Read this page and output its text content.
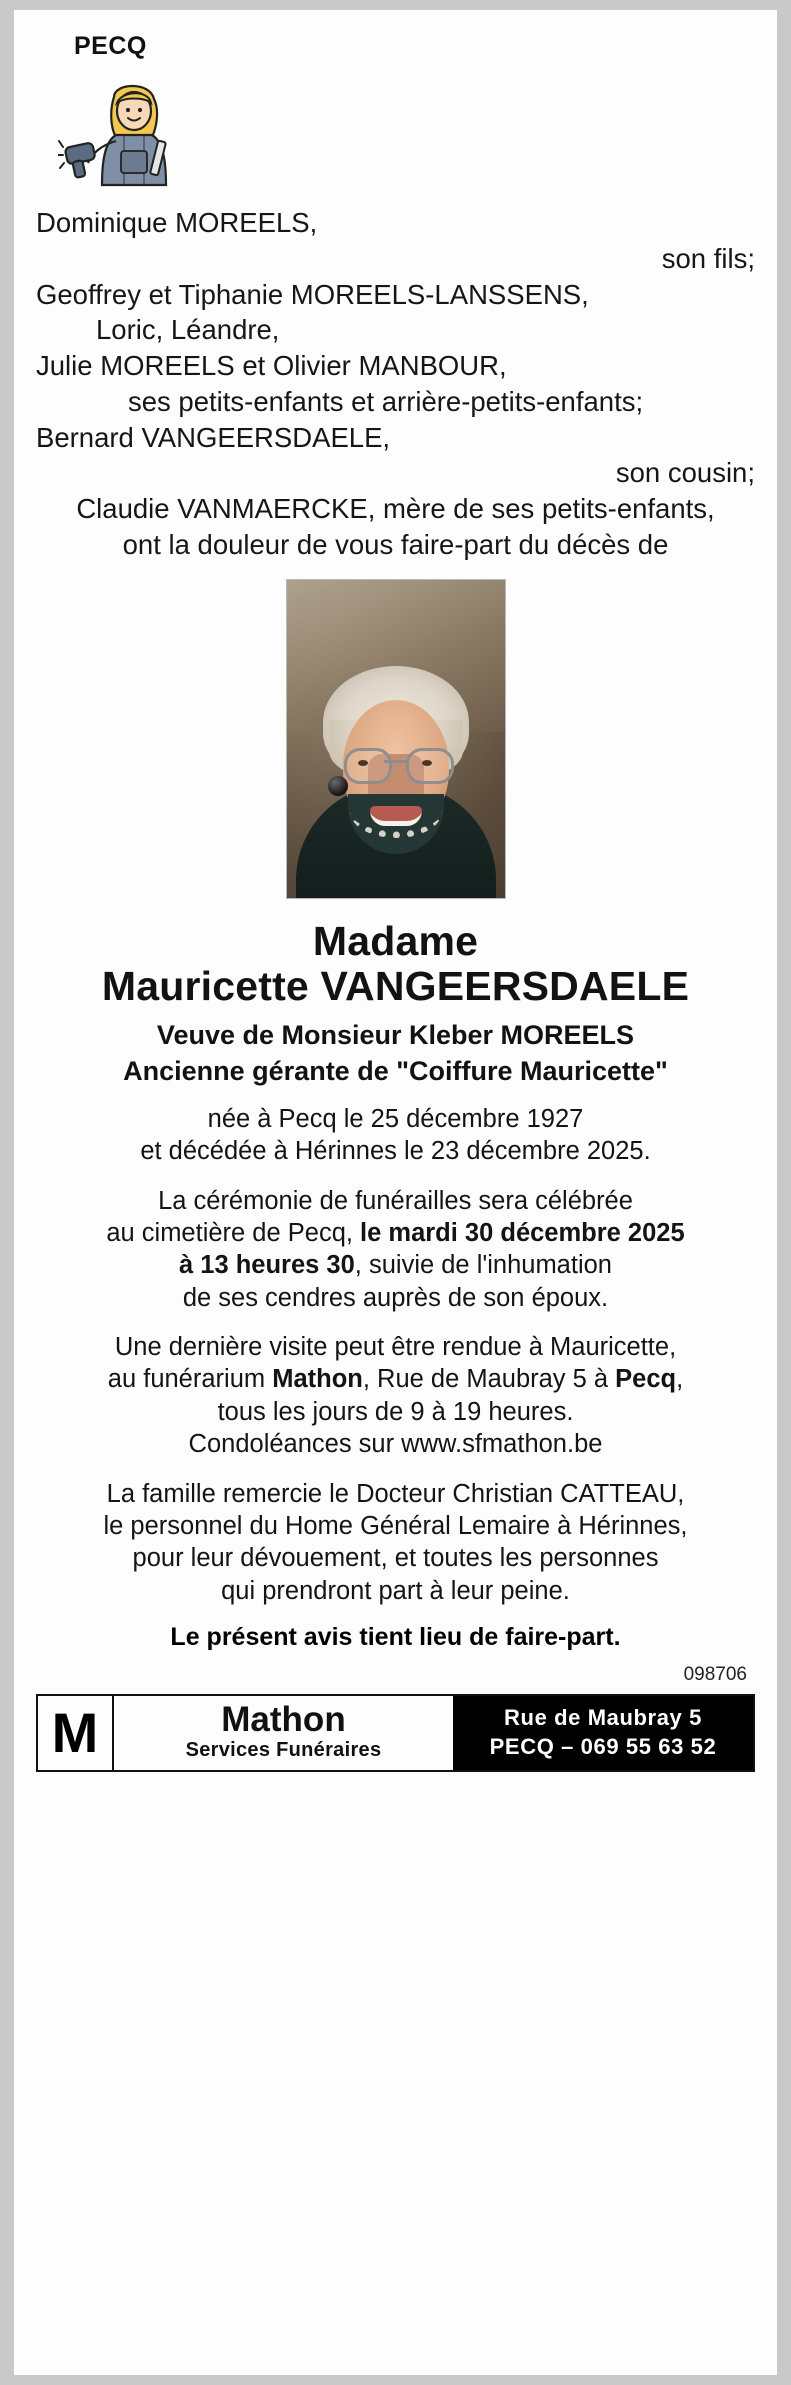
PECQ
Dominique MOREELS,
son fils;
Geoffrey et Tiphanie MOREELS-LANSSENS,
Loric, Léandre,
Julie MOREELS et Olivier MANBOUR,
ses petits-enfants et arrière-petits-enfants;
Bernard VANGEERSDAELE,
son cousin;
Claudie VANMAERCKE, mère de ses petits-enfants,
ont la douleur de vous faire-part du décès de
Madame
Mauricette VANGEERSDAELE
Veuve de Monsieur Kleber MOREELS
Ancienne gérante de "Coiffure Mauricette"
née à Pecq le 25 décembre 1927
et décédée à Hérinnes le 23 décembre 2025.
La cérémonie de funérailles sera célébrée
au cimetière de Pecq, le mardi 30 décembre 2025
à 13 heures 30, suivie de l'inhumation
de ses cendres auprès de son époux.
Une dernière visite peut être rendue à Mauricette,
au funérarium Mathon, Rue de Maubray 5 à Pecq,
tous les jours de 9 à 19 heures.
Condoléances sur www.sfmathon.be
La famille remercie le Docteur Christian CATTEAU,
le personnel du Home Général Lemaire à Hérinnes,
pour leur dévouement, et toutes les personnes
qui prendront part à leur peine.
Le présent avis tient lieu de faire-part.
098706
M	Mathon
Services Funéraires
Rue de Maubray 5
PECQ – 069 55 63 52
